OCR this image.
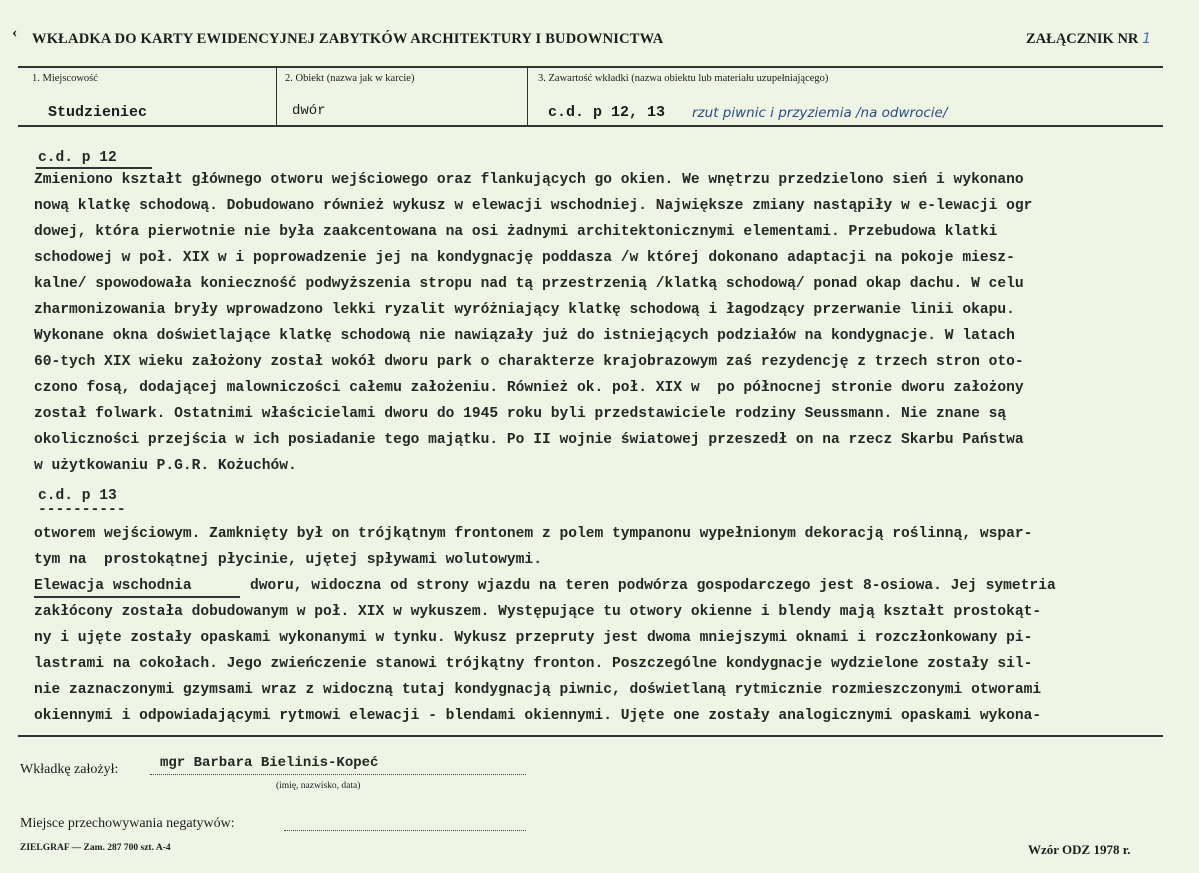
‹ WKŁADKA DO KARTY EWIDENCYJNEJ ZABYTKÓW ARCHITEKTURY I BUDOWNICTWA	ZAŁĄCZNIK NR 1
1. Miejscowość
Studzieniec
2. Obiekt (nazwa jak w karcie)
dwór
3. Zawartość wkładki (nazwa obiektu lub materiału uzupełniającego)
c.d. p 12, 13 rzut piwnic i przyziemia /na odwrocie/
c.d. p 12
Zmieniono kształt głównego otworu wejściowego oraz flankujących go okien. We wnętrzu przedzielono sień i wykonano
nową klatkę schodową. Dobudowano również wykusz w elewacji wschodniej. Największe zmiany nastąpiły w e-lewacji ogr
dowej, która pierwotnie nie była zaakcentowana na osi żadnymi architektonicznymi elementami. Przebudowa klatki
schodowej w poł. XIX w i poprowadzenie jej na kondygnację poddasza /w której dokonano adaptacji na pokoje miesz-
kalne/ spowodowała konieczność podwyższenia stropu nad tą przestrzenią /klatką schodową/ ponad okap dachu. W celu
zharmonizowania bryły wprowadzono lekki ryzalit wyróżniający klatkę schodową i łagodzący przerwanie linii okapu.
Wykonane okna doświetlające klatkę schodową nie nawiązały już do istniejących podziałów na kondygnacje. W latach
60-tych XIX wieku założony został wokół dworu park o charakterze krajobrazowym zaś rezydencję z trzech stron oto-
czono fosą, dodającej malowniczości całemu założeniu. Również ok. poł. XIX w  po północnej stronie dworu założony
został folwark. Ostatnimi właścicielami dworu do 1945 roku byli przedstawiciele rodziny Seussmann. Nie znane są
okoliczności przejścia w ich posiadanie tego majątku. Po II wojnie światowej przeszedł on na rzecz Skarbu Państwa
w użytkowaniu P.G.R. Kożuchów.
c.d. p 13
----------
otworem wejściowym. Zamknięty był on trójkątnym frontonem z polem tympanonu wypełnionym dekoracją roślinną, wspar-
tym na  prostokątnej płycinie, ujętej spływami wolutowymi.
Elewacja wschodnia	dworu, widoczna od strony wjazdu na teren podwórza gospodarczego jest 8-osiowa. Jej symetria
zakłócony została dobudowanym w poł. XIX w wykuszem. Występujące tu otwory okienne i blendy mają kształt prostokąt-
ny i ujęte zostały opaskami wykonanymi w tynku. Wykusz przepruty jest dwoma mniejszymi oknami i rozczłonkowany pi-
lastrami na cokołach. Jego zwieńczenie stanowi trójkątny fronton. Poszczególne kondygnacje wydzielone zostały sil-
nie zaznaczonymi gzymsami wraz z widoczną tutaj kondygnacją piwnic, doświetlaną rytmicznie rozmieszczonymi otworami
okiennymi i odpowiadającymi rytmowi elewacji - blendami okiennymi. Ujęte one zostały analogicznymi opaskami wykona-
Wkładkę założył:	mgr Barbara Bielinis-Kopeć
(imię, nazwisko, data)
Miejsce przechowywania negatywów:
ZIELGRAF — Zam. 287 700 szt. A-4	Wzór ODZ 1978 r.
